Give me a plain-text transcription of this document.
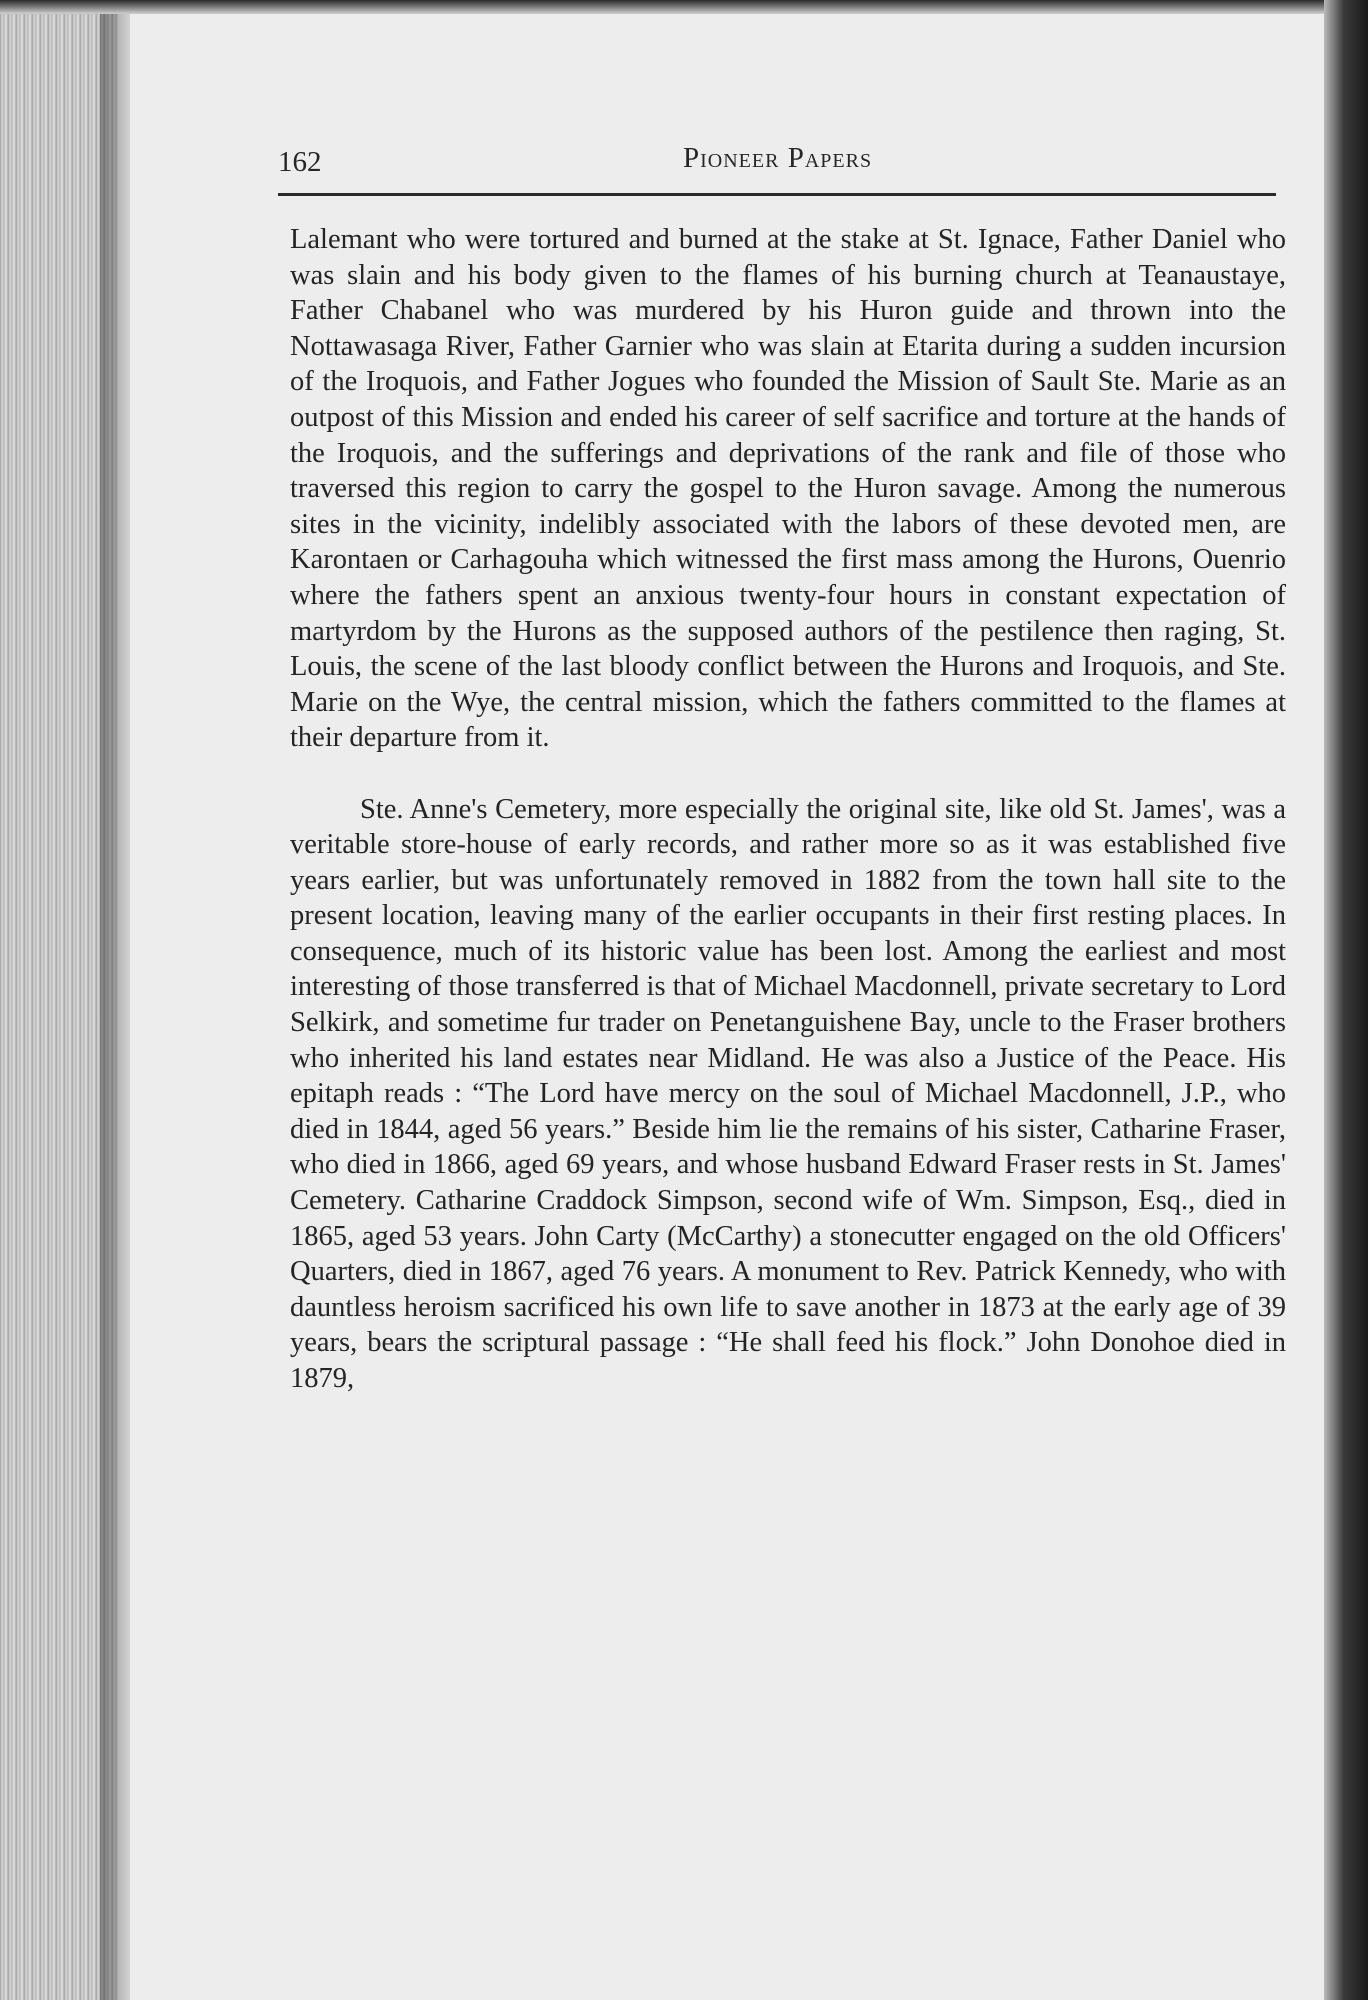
162	Pioneer Papers

Lalemant who were tortured and burned at the stake at St. Ignace, Father Daniel who was slain and his body given to the flames of his burning church at Teanaustaye, Father Chabanel who was murdered by his Huron guide and thrown into the Nottawasaga River, Father Garnier who was slain at Etarita during a sudden incursion of the Iroquois, and Father Jogues who founded the Mission of Sault Ste. Marie as an outpost of this Mission and ended his career of self sacrifice and torture at the hands of the Iroquois, and the sufferings and deprivations of the rank and file of those who traversed this region to carry the gospel to the Huron savage. Among the numerous sites in the vicinity, indelibly associated with the labors of these devoted men, are Karontaen or Carhagouha which witnessed the first mass among the Hurons, Ouenrio where the fathers spent an anxious twenty-four hours in constant expectation of martyrdom by the Hurons as the supposed authors of the pestilence then raging, St. Louis, the scene of the last bloody conflict between the Hurons and Iroquois, and Ste. Marie on the Wye, the central mission, which the fathers committed to the flames at their departure from it.

Ste. Anne's Cemetery, more especially the original site, like old St. James', was a veritable store-house of early records, and rather more so as it was established five years earlier, but was unfortunately removed in 1882 from the town hall site to the present location, leaving many of the earlier occupants in their first resting places. In consequence, much of its historic value has been lost. Among the earliest and most interesting of those transferred is that of Michael Macdonnell, private secretary to Lord Selkirk, and sometime fur trader on Penetanguishene Bay, uncle to the Fraser brothers who inherited his land estates near Midland. He was also a Justice of the Peace. His epitaph reads : “The Lord have mercy on the soul of Michael Macdonnell, J.P., who died in 1844, aged 56 years.” Beside him lie the remains of his sister, Catharine Fraser, who died in 1866, aged 69 years, and whose husband Edward Fraser rests in St. James' Cemetery. Catharine Craddock Simpson, second wife of Wm. Simpson, Esq., died in 1865, aged 53 years. John Carty (McCarthy) a stonecutter engaged on the old Officers' Quarters, died in 1867, aged 76 years. A monument to Rev. Patrick Kennedy, who with dauntless heroism sacrificed his own life to save another in 1873 at the early age of 39 years, bears the scriptural passage : “He shall feed his flock.” John Donohoe died in 1879,
